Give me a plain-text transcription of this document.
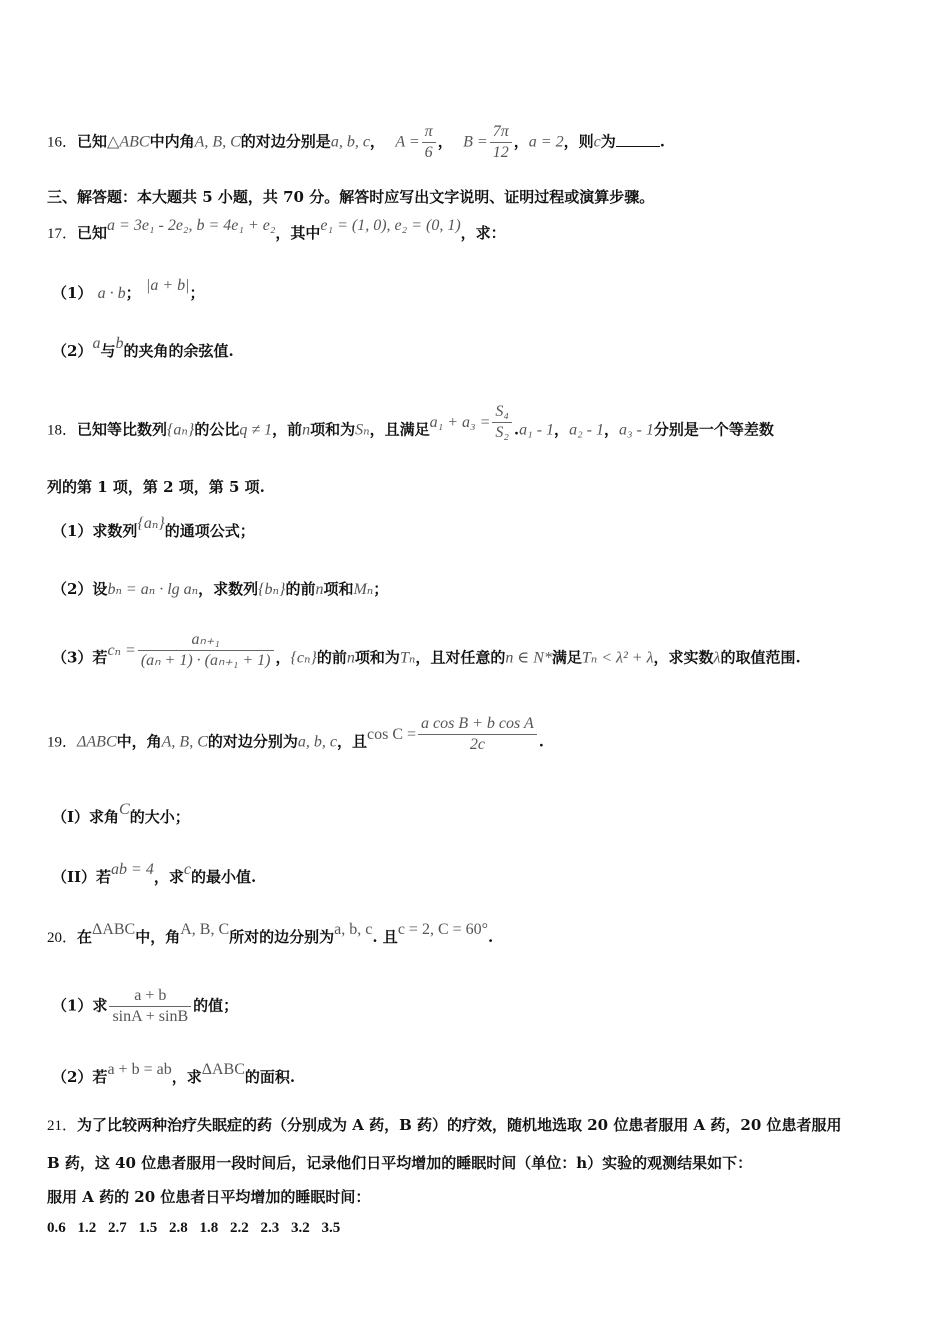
16．已知△ABC中内角A, B, C的对边分别是a, b, c， $A = \frac{\pi}{6}$ ， $B = \frac{7\pi}{12}$ ，a = 2，则c为	.
三、解答题：本大题共 5 小题，共 70 分。解答时应写出文字说明、证明过程或演算步骤。
17．已知a = 3e₁ - 2e₂, b = 4e₁ + e₂，其中e₁ = (1, 0), e₂ = (0, 1)，求：
（1） a · b； |a + b|；
（2）a与b的夹角的余弦值.
18．已知等比数列{aₙ}的公比q ≠ 1，前n项和为Sₙ，且满足$a_1 + a_3 = \frac{\text{S₄}}{\text{S₂}} .a_1 - 1$，a₂ - 1，a₃ - 1分别是一个等差数
列的第 1 项，第 2 项，第 5 项.
（1）求数列{aₙ}的通项公式；
（2）设bₙ = aₙ · lg aₙ，求数列{bₙ}的前n项和Mₙ；
（3）若$c_n = \frac{\text{aₙ₊₁}}{\text{(aₙ + 1) · (aₙ₊₁ + 1)}}$ ，{cₙ}的前n项和为Tₙ，且对任意的n ∈ N*满足Tₙ < λ² + λ，求实数λ的取值范围.
19．ΔABC中，角A, B, C的对边分别为a, b, c，且$\cos C = \frac{\text{a cos B + b cos A}}{2c}$ .
（I）求角C的大小；
（II）若ab = 4，求c的最小值.
20．在ΔABC中，角A, B, C所对的边分别为a, b, c. 且c = 2, C = 60°.
（1）求 $\frac{a + b}{\sin A + \sin B}$ 的值；
（2）若a + b = ab，求ΔABC的面积.
21．为了比较两种治疗失眠症的药（分别成为 A 药，B 药）的疗效，随机地选取 20 位患者服用 A 药，20 位患者服用
B 药，这 40 位患者服用一段时间后，记录他们日平均增加的睡眠时间（单位：h）实验的观测结果如下：
服用 A 药的 20 位患者日平均增加的睡眠时间：
0.6 1.2 2.7 1.5 2.8 1.8 2.2 2.3 3.2 3.5
